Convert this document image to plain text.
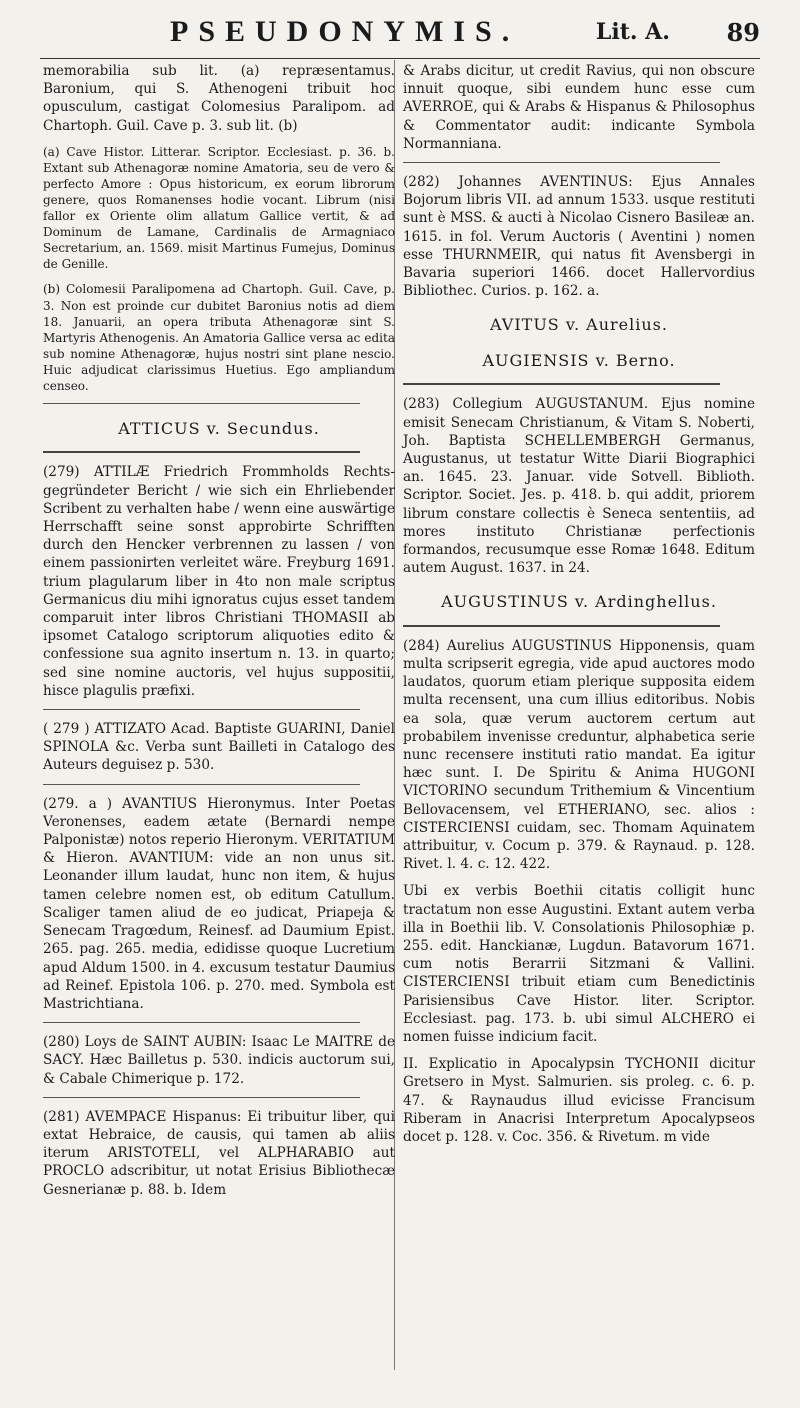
PSEUDONYMIS.	Lit. A. 89

memorabilia sub lit. (a) repræsentamus. Baronium, qui S. Athenogeni tribuit hoc opusculum, castigat Colomesius Paralipom. ad Chartoph. Guil. Cave p. 3. sub lit. (b)

(a) Cave Histor. Litterar. Scriptor. Ecclesiast. p. 36. b. Extant sub Athenagoræ nomine Amatoria, seu de vero & perfecto Amore : Opus historicum, ex eorum librorum genere, quos Romanenses hodie vocant. Librum (nisi fallor ex Oriente olim allatum Gallice vertit, & ad Dominum de Lamane, Cardinalis de Armagniaco Secretarium, an. 1569. misit Martinus Fumejus, Dominus de Genille.

(b) Colomesii Paralipomena ad Chartoph. Guil. Cave, p. 3. Non est proinde cur dubitet Baronius notis ad diem 18. Januarii, an opera tributa Athenagoræ sint S. Martyris Athenogenis. An Amatoria Gallice versa ac edita sub nomine Athenagoræ, hujus nostri sint plane nescio. Huic adjudicat clarissimus Huetius. Ego ampliandum censeo.

ATTICUS v. Secundus.

(279) ATTILÆ Friedrich Frommholds Rechts-gegründeter Bericht / wie sich ein Ehrliebender Scribent zu verhalten habe / wenn eine auswärtige Herrschafft seine sonst approbirte Schrifften durch den Hencker verbrennen zu lassen / von einem passionirten verleitet wäre. Freyburg 1691. trium plagularum liber in 4to non male scriptus Germanicus diu mihi ignoratus cujus esset tandem comparuit inter libros Christiani THOMASII ab ipsomet Catalogo scriptorum aliquoties edito & confessione sua agnito insertum n. 13. in quarto; sed sine nomine auctoris, vel hujus suppositii, hisce plagulis præfixi.

( 279 ) ATTIZATO Acad. Baptiste GUARINI, Daniel SPINOLA &c. Verba sunt Bailleti in Catalogo des Auteurs deguisez p. 530.

(279. a ) AVANTIUS Hieronymus. Inter Poetas Veronenses, eadem ætate (Bernardi nempe Palponistæ) notos reperio Hieronym. VERITATIUM & Hieron. AVANTIUM: vide an non unus sit. Leonander illum laudat, hunc non item, & hujus tamen celebre nomen est, ob editum Catullum. Scaliger tamen aliud de eo judicat, Priapeja & Senecam Tragœdum, Reinesf. ad Daumium Epist. 265. pag. 265. media, edidisse quoque Lucretium apud Aldum 1500. in 4. excusum testatur Daumius ad Reinef. Epistola 106. p. 270. med. Symbola est Mastrichtiana.

(280) Loys de SAINT AUBIN: Isaac Le MAITRE de SACY. Hæc Bailletus p. 530. indicis auctorum sui, & Cabale Chimerique p. 172.

(281) AVEMPACE Hispanus: Ei tribuitur liber, qui extat Hebraice, de causis, qui tamen ab aliis iterum ARISTOTELI, vel ALPHARABIO aut PROCLO adscribitur, ut notat Erisius Bibliothecæ Gesnerianæ p. 88. b. Idem

& Arabs dicitur, ut credit Ravius, qui non obscure innuit quoque, sibi eundem hunc esse cum AVERROE, qui & Arabs & Hispanus & Philosophus & Commentator audit: indicante Symbola Normanniana.

(282) Johannes AVENTINUS: Ejus Annales Bojorum libris VII. ad annum 1533. usque restituti sunt è MSS. & aucti à Nicolao Cisnero Basileæ an. 1615. in fol. Verum Auctoris ( Aventini ) nomen esse THURNMEIR, qui natus fit Avensbergi in Bavaria superiori 1466. docet Hallervordius Bibliothec. Curios. p. 162. a.

AVITUS v. Aurelius.
AUGIENSIS v. Berno.

(283) Collegium AUGUSTANUM. Ejus nomine emisit Senecam Christianum, & Vitam S. Noberti, Joh. Baptista SCHELLEMBERGH Germanus, Augustanus, ut testatur Witte Diarii Biographici an. 1645. 23. Januar. vide Sotvell. Biblioth. Scriptor. Societ. Jes. p. 418. b. qui addit, priorem librum constare collectis è Seneca sententiis, ad mores instituto Christianæ perfectionis formandos, recusumque esse Romæ 1648. Editum autem August. 1637. in 24.

AUGUSTINUS v. Ardinghellus.

(284) Aurelius AUGUSTINUS Hipponensis, quam multa scripserit egregia, vide apud auctores modo laudatos, quorum etiam plerique supposita eidem multa recensent, una cum illius editoribus. Nobis ea sola, quæ verum auctorem certum aut probabilem invenisse creduntur, alphabetica serie nunc recensere instituti ratio mandat. Ea igitur hæc sunt. I. De Spiritu & Anima HUGONI VICTORINO secundum Trithemium & Vincentium Bellovacensem, vel ETHERIANO, sec. alios : CISTERCIENSI cuidam, sec. Thomam Aquinatem attribuitur, v. Cocum p. 379. & Raynaud. p. 128. Rivet. l. 4. c. 12. 422.

Ubi ex verbis Boethii citatis colligit hunc tractatum non esse Augustini. Extant autem verba illa in Boethii lib. V. Consolationis Philosophiæ p. 255. edit. Hanckianæ, Lugdun. Batavorum 1671. cum notis Berarrii Sitzmani & Vallini. CISTERCIENSI tribuit etiam cum Benedictinis Parisiensibus Cave Histor. liter. Scriptor. Ecclesiast. pag. 173. b. ubi simul ALCHERO ei nomen fuisse indicium facit.

II. Explicatio in Apocalypsin TYCHONII dicitur Gretsero in Myst. Salmurien. sis proleg. c. 6. p. 47. & Raynaudus illud evicisse Francisum Riberam in Anacrisi Interpretum Apocalypseos docet p. 128. v. Coc. 356. & Rivetum. m vide
